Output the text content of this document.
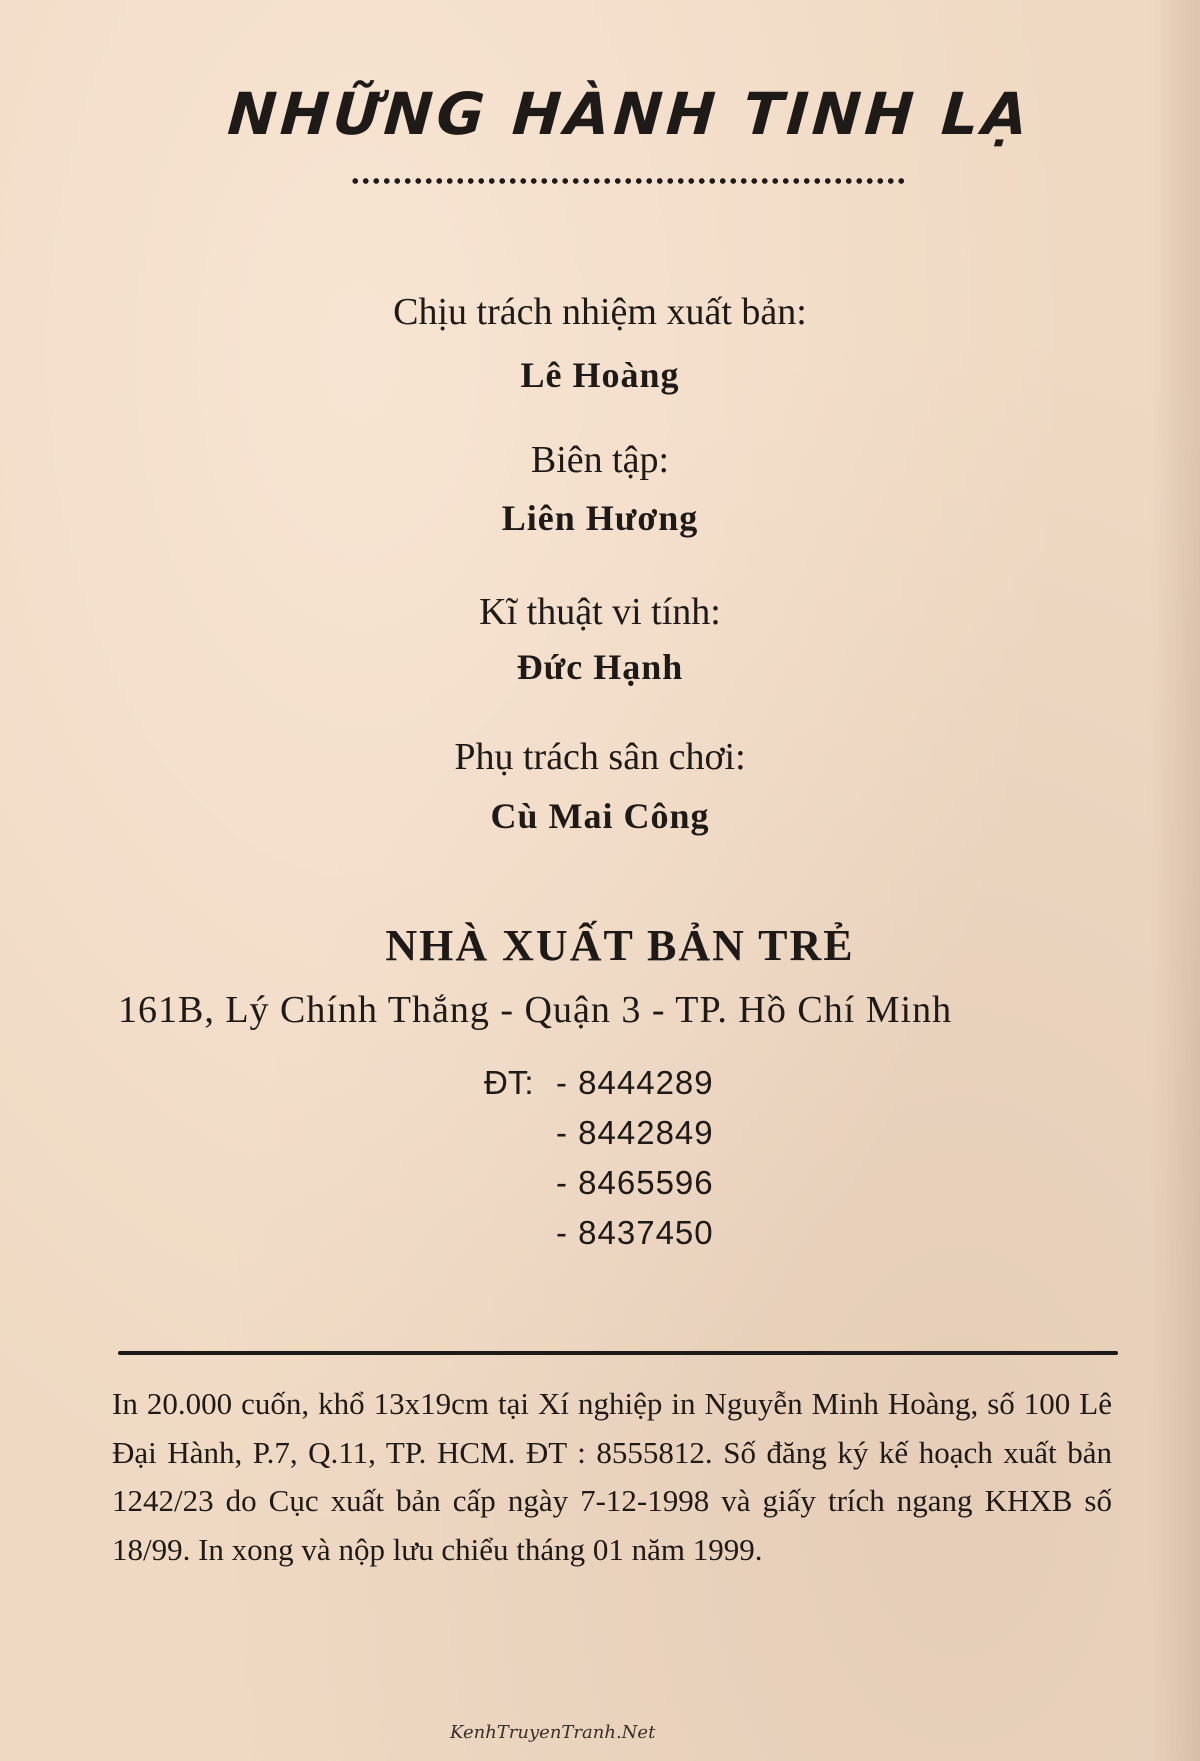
NHỮNG HÀNH TINH LẠ

Chịu trách nhiệm xuất bản:

Lê Hoàng

Biên tập:

Liên Hương

Kĩ thuật vi tính:

Đức Hạnh

Phụ trách sân chơi:

Cù Mai Công

NHÀ XUẤT BẢN TRẺ

161B, Lý Chính Thắng - Quận 3 - TP. Hồ Chí Minh

ĐT: - 8444289

- 8442849

- 8465596

- 8437450

In 20.000 cuốn, khổ 13x19cm tại Xí nghiệp in Nguyễn Minh Hoàng, số 100 Lê Đại Hành, P.7, Q.11, TP. HCM. ĐT : 8555812. Số đăng ký kế hoạch xuất bản 1242/23 do Cục xuất bản cấp ngày 7-12-1998 và giấy trích ngang KHXB số 18/99. In xong và nộp lưu chiểu tháng 01 năm 1999.

KenhTruyenTranh.Net
